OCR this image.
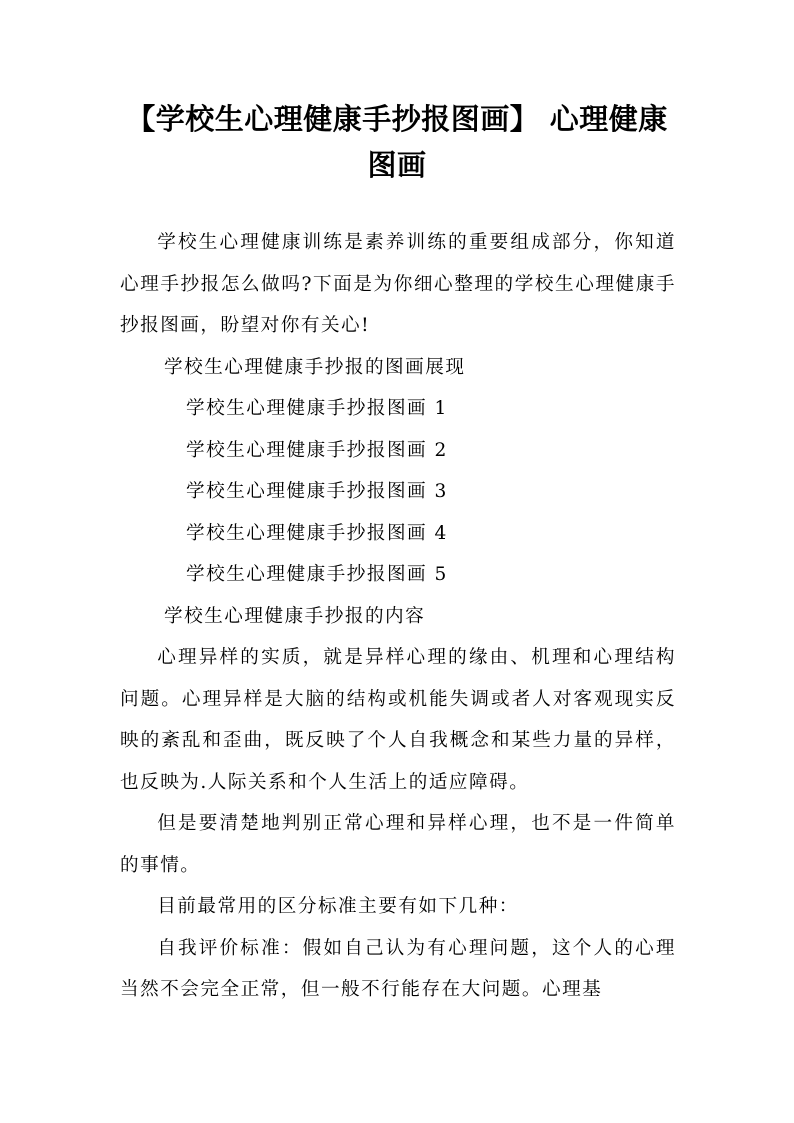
【学校生心理健康手抄报图画】 心理健康图画

学校生心理健康训练是素养训练的重要组成部分，你知道心理手抄报怎么做吗?下面是为你细心整理的学校生心理健康手抄报图画，盼望对你有关心!

学校生心理健康手抄报的图画展现

学校生心理健康手抄报图画 1

学校生心理健康手抄报图画 2

学校生心理健康手抄报图画 3

学校生心理健康手抄报图画 4

学校生心理健康手抄报图画 5

学校生心理健康手抄报的内容

心理异样的实质，就是异样心理的缘由、机理和心理结构问题。心理异样是大脑的结构或机能失调或者人对客观现实反映的紊乱和歪曲，既反映了个人自我概念和某些力量的异样，也反映为.人际关系和个人生活上的适应障碍。

但是要清楚地判别正常心理和异样心理，也不是一件简单的事情。

目前最常用的区分标准主要有如下几种：

自我评价标准：假如自己认为有心理问题，这个人的心理当然不会完全正常，但一般不行能存在大问题。心理基
